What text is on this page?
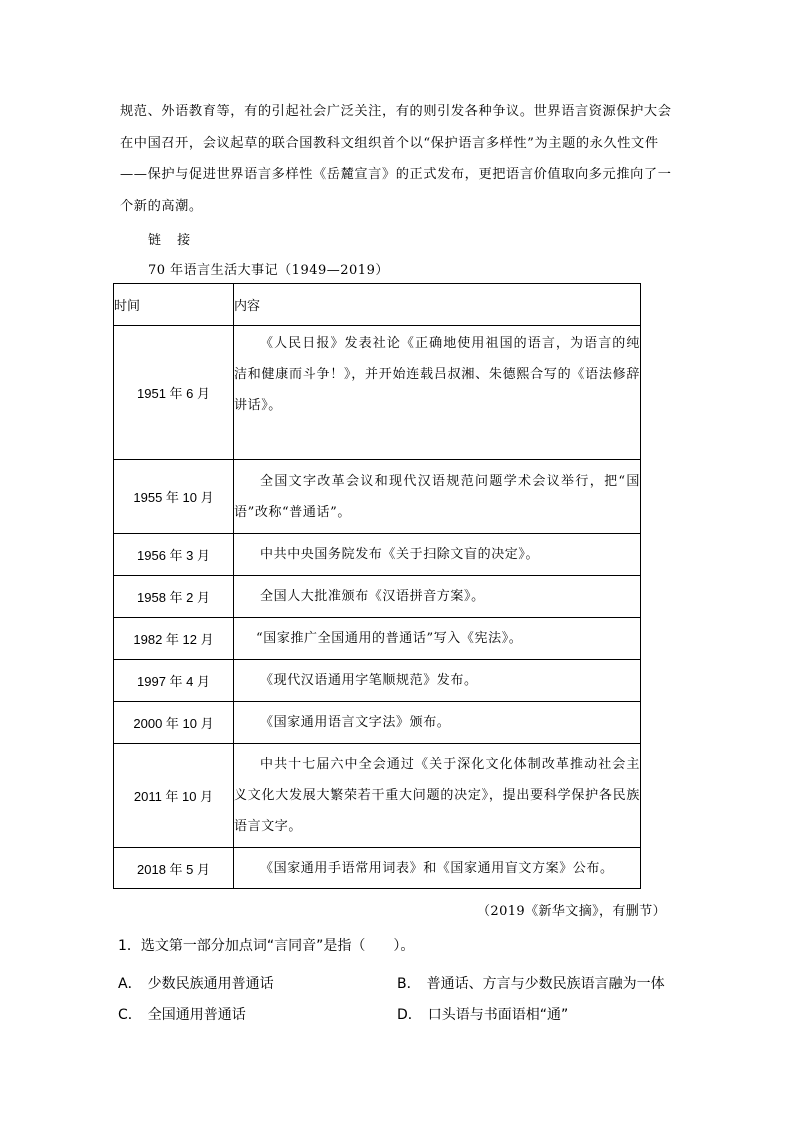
规范、外语教育等，有的引起社会广泛关注，有的则引发各种争议。世界语言资源保护大会
在中国召开，会议起草的联合国教科文组织首个以“保护语言多样性”为主题的永久性文件
——保护与促进世界语言多样性《岳麓宣言》的正式发布，更把语言价值取向多元推向了一
个新的高潮。
链 接
70 年语言生活大事记（1949—2019）
时间	内容
1951 年 6 月	《人民日报》发表社论《正确地使用祖国的语言，为语言的纯洁和健康而斗争！》，并开始连载吕叔湘、朱德熙合写的《语法修辞讲话》。
1955 年 10 月	全国文字改革会议和现代汉语规范问题学术会议举行，把“国语”改称“普通话”。
1956 年 3 月	中共中央国务院发布《关于扫除文盲的决定》。
1958 年 2 月	全国人大批准颁布《汉语拼音方案》。
1982 年 12 月	“国家推广全国通用的普通话”写入《宪法》。
1997 年 4 月	《现代汉语通用字笔顺规范》发布。
2000 年 10 月	《国家通用语言文字法》颁布。
2011 年 10 月	中共十七届六中全会通过《关于深化文化体制改革推动社会主义文化大发展大繁荣若干重大问题的决定》，提出要科学保护各民族语言文字。
2018 年 5 月	《国家通用手语常用词表》和《国家通用盲文方案》公布。
（2019《新华文摘》，有删节）
1．选文第一部分加点词“言同音”是指（　　）。
A． 少数民族通用普通话	B． 普通话、方言与少数民族语言融为一体
C． 全国通用普通话	D． 口头语与书面语相“通”
